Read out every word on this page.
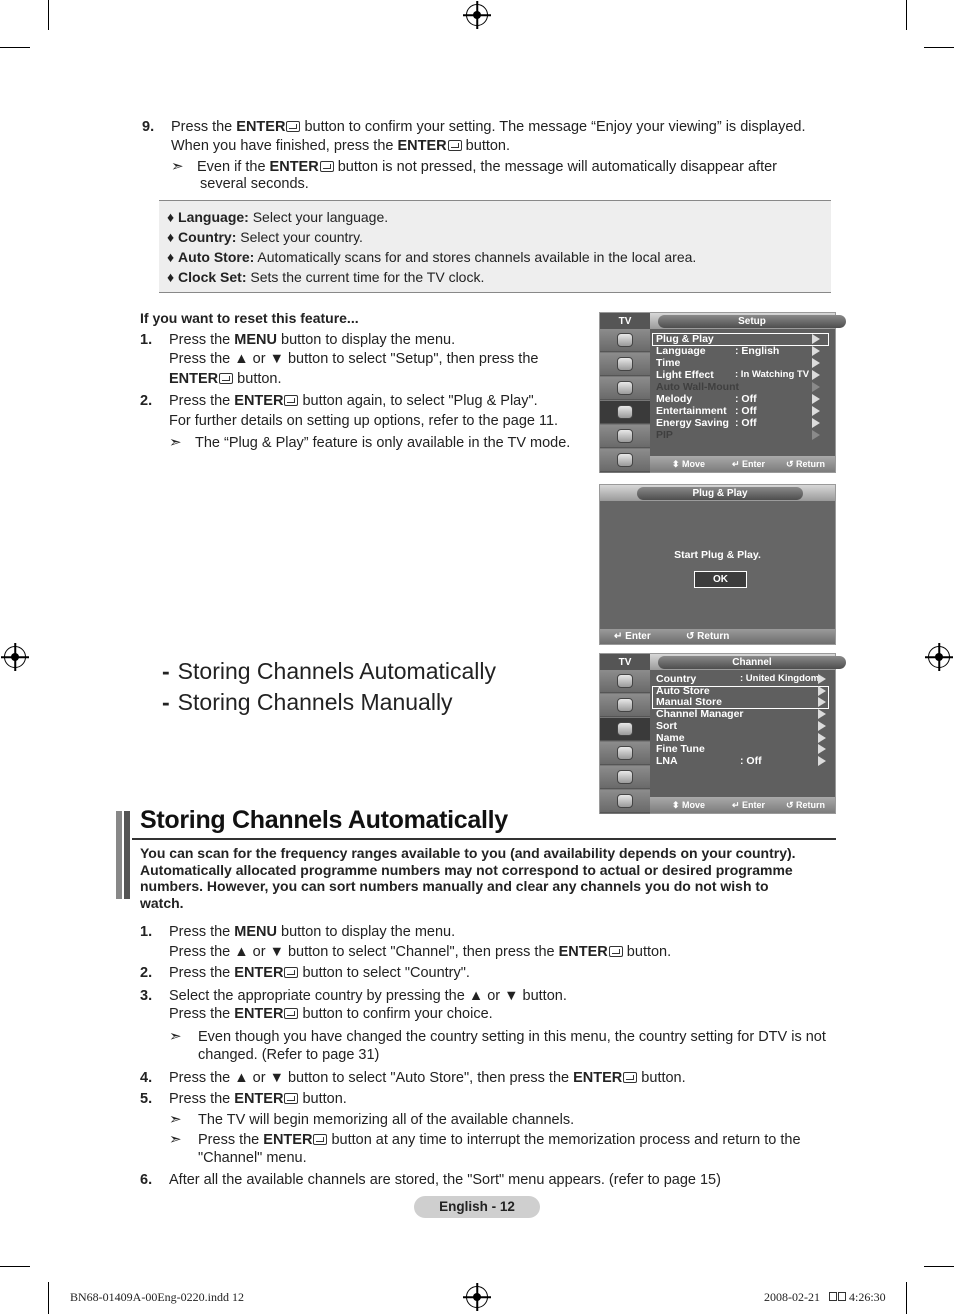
9. Press the ENTER button to confirm your setting. The message “Enjoy your viewing” is displayed.
When you have finished, press the ENTER button.
➣ Even if the ENTER button is not pressed, the message will automatically disappear after
several seconds.
♦ Language: Select your language.
♦ Country: Select your country.
♦ Auto Store: Automatically scans for and stores channels available in the local area.
♦ Clock Set: Sets the current time for the TV clock.
If you want to reset this feature...
1. Press the MENU button to display the menu.
Press the ▲ or ▼ button to select "Setup", then press the
ENTER button.
2. Press the ENTER button again, to select "Plug & Play".
For further details on setting up options, refer to the page 11.
➣ The “Plug & Play” feature is only available in the TV mode.
TV	Setup
Plug & Play
Language	: English
Time
Light Effect : In Watching TV
Auto Wall-Mount
Melody	: Off
Entertainment : Off
Energy Saving : Off
PIP
⬍ Move	↵ Enter ↺ Return
Plug & Play
Start Plug & Play.
OK
↵ Enter	↺ Return
- Storing Channels Automatically
- Storing Channels Manually
TV	Channel
Country	: United Kingdom
Auto Store
Manual Store
Channel Manager
Sort
Name
Fine Tune
LNA	: Off
⬍ Move	↵ Enter ↺ Return
Storing Channels Automatically
You can scan for the frequency ranges available to you (and availability depends on your country).
Automatically allocated programme numbers may not correspond to actual or desired programme
numbers. However, you can sort numbers manually and clear any channels you do not wish to
watch.
1. Press the MENU button to display the menu.
Press the ▲ or ▼ button to select "Channel", then press the ENTER button.
2. Press the ENTER button to select "Country".
3. Select the appropriate country by pressing the ▲ or ▼ button.
Press the ENTER button to confirm your choice.
➣ Even though you have changed the country setting in this menu, the country setting for DTV is not
changed. (Refer to page 31)
4. Press the ▲ or ▼ button to select "Auto Store", then press the ENTER button.
5. Press the ENTER button.
➣ The TV will begin memorizing all of the available channels.
➣ Press the ENTER button at any time to interrupt the memorization process and return to the
"Channel" menu.
6. After all the available channels are stored, the "Sort" menu appears. (refer to page 15)
English - 12
BN68-01409A-00Eng-0220.indd 12	2008-02-21 4:26:30
